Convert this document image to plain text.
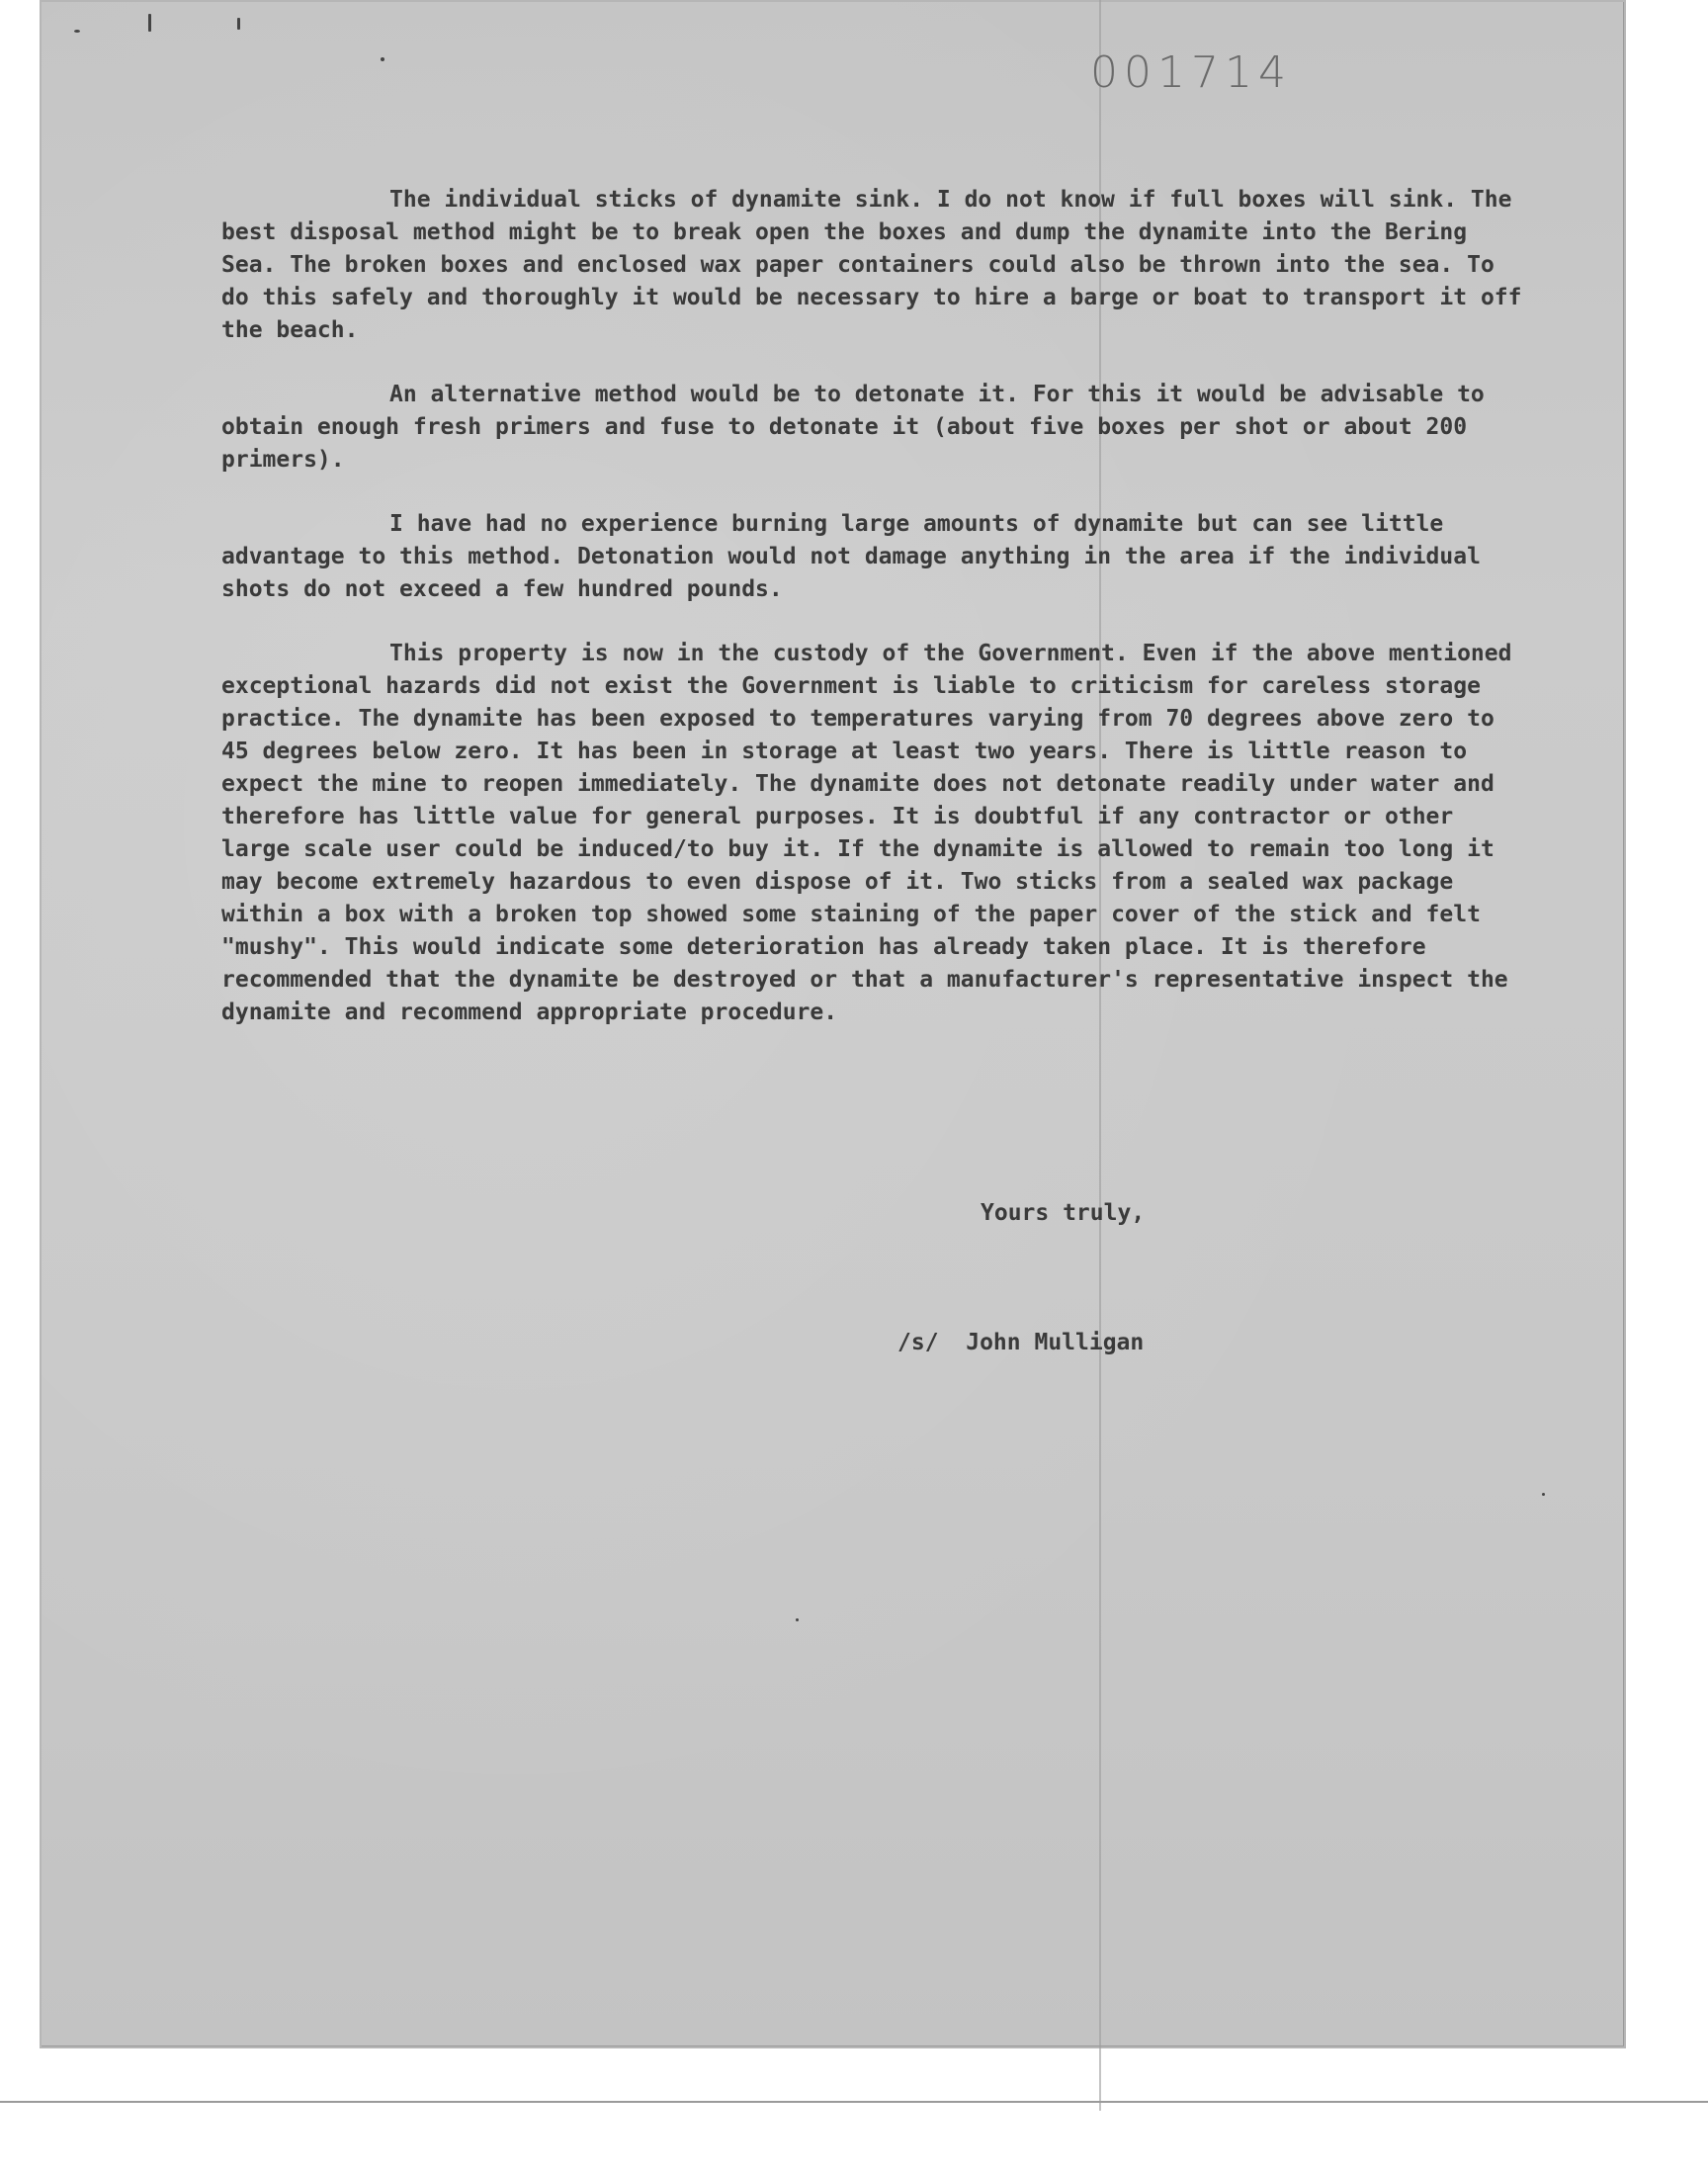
001714

The individual sticks of dynamite sink. I do not know if full boxes will sink. The best disposal method might be to break open the boxes and dump the dynamite into the Bering Sea. The broken boxes and enclosed wax paper containers could also be thrown into the sea. To do this safely and thoroughly it would be necessary to hire a barge or boat to transport it off the beach.

An alternative method would be to detonate it. For this it would be advisable to obtain enough fresh primers and fuse to detonate it (about five boxes per shot or about 200 primers).

I have had no experience burning large amounts of dynamite but can see little advantage to this method. Detonation would not damage anything in the area if the individual shots do not exceed a few hundred pounds.

This property is now in the custody of the Government. Even if the above mentioned exceptional hazards did not exist the Government is liable to criticism for careless storage practice. The dynamite has been exposed to temperatures varying from 70 degrees above zero to 45 degrees below zero. It has been in storage at least two years. There is little reason to expect the mine to reopen immediately. The dynamite does not detonate readily under water and therefore has little value for general purposes. It is doubtful if any contractor or other large scale user could be induced/to buy it. If the dynamite is allowed to remain too long it may become extremely hazardous to even dispose of it. Two sticks from a sealed wax package within a box with a broken top showed some staining of the paper cover of the stick and felt "mushy". This would indicate some deterioration has already taken place. It is therefore recommended that the dynamite be destroyed or that a manufacturer's representative inspect the dynamite and recommend appropriate procedure.

Yours truly,
/s/  John Mulligan
